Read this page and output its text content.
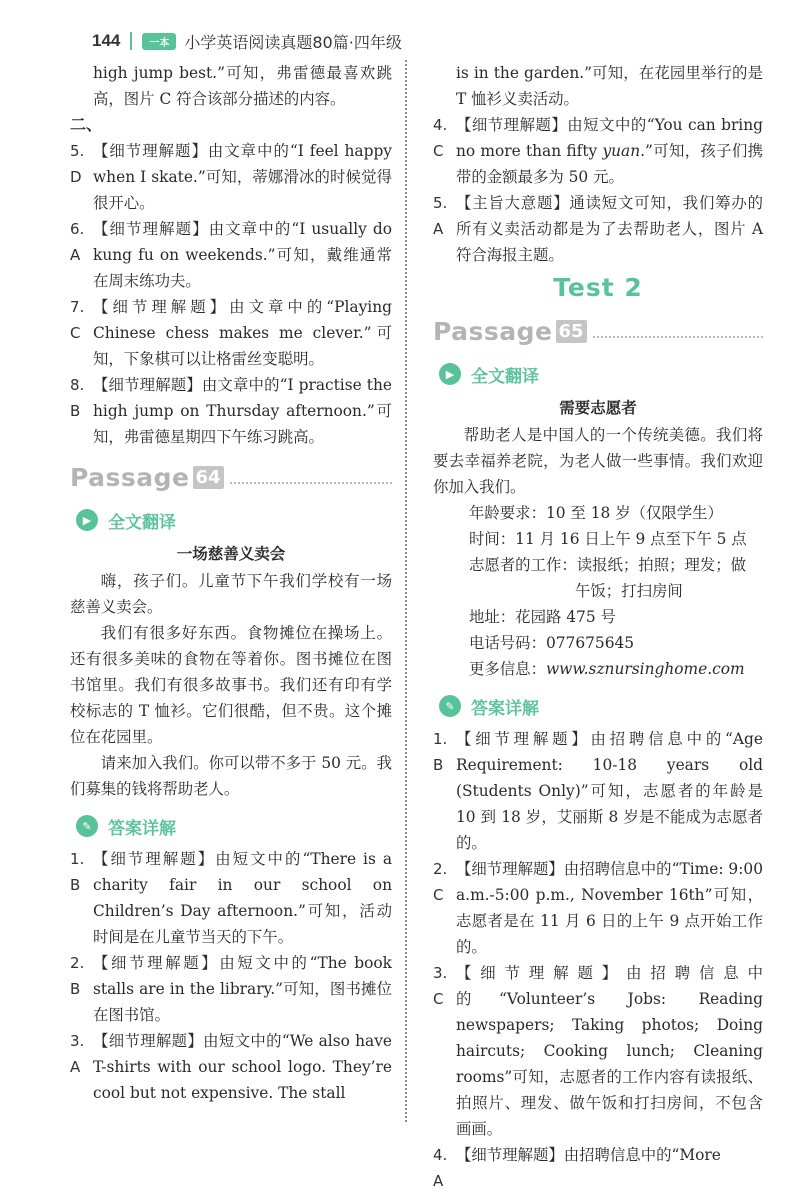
144	一本 小学英语阅读真题80篇·四年级

high jump best.”可知，弗雷德最喜欢跳高，图片 C 符合该部分描述的内容。

二、
5. D
【细节理解题】由文章中的“I feel happy when I skate.”可知，蒂娜滑冰的时候觉得很开心。
6. A
【细节理解题】由文章中的“I usually do kung fu on weekends.”可知，戴维通常在周末练功夫。
7. C
【细节理解题】由文章中的“Playing Chinese chess makes me clever.”可知，下象棋可以让格雷丝变聪明。
8. B
【细节理解题】由文章中的“I practise the high jump on Thursday afternoon.”可知，弗雷德星期四下午练习跳高。
Passage 64
▶ 全文翻译
一场慈善义卖会

嗨，孩子们。儿童节下午我们学校有一场慈善义卖会。

我们有很多好东西。食物摊位在操场上。还有很多美味的食物在等着你。图书摊位在图书馆里。我们有很多故事书。我们还有印有学校标志的 T 恤衫。它们很酷，但不贵。这个摊位在花园里。

请来加入我们。你可以带不多于 50 元。我们募集的钱将帮助老人。

✎ 答案详解
1. B
【细节理解题】由短文中的“There is a charity fair in our school on Children’s Day afternoon.”可知，活动时间是在儿童节当天的下午。
2. B
【细节理解题】由短文中的“The book stalls are in the library.”可知，图书摊位在图书馆。
3. A
【细节理解题】由短文中的“We also have T-shirts with our school logo. They’re cool but not expensive. The stall

is in the garden.”可知，在花园里举行的是 T 恤衫义卖活动。

4. C
【细节理解题】由短文中的“You can bring no more than fifty yuan.”可知，孩子们携带的金额最多为 50 元。
5. A
【主旨大意题】通读短文可知，我们筹办的所有义卖活动都是为了去帮助老人，图片 A 符合海报主题。
Test 2
Passage 65
▶ 全文翻译
需要志愿者

帮助老人是中国人的一个传统美德。我们将要去幸福养老院，为老人做一些事情。我们欢迎你加入我们。

年龄要求：10 至 18 岁（仅限学生）
时间：11 月 16 日上午 9 点至下午 5 点
志愿者的工作：读报纸；拍照；理发；做
午饭；打扫房间
地址：花园路 475 号
电话号码：077675645
更多信息：www.sznursinghome.com
✎ 答案详解
1. B
【细节理解题】由招聘信息中的“Age Requirement: 10-18 years old (Students Only)”可知，志愿者的年龄是 10 到 18 岁，艾丽斯 8 岁是不能成为志愿者的。
2. C
【细节理解题】由招聘信息中的“Time: 9:00 a.m.-5:00 p.m., November 16th”可知，志愿者是在 11 月 6 日的上午 9 点开始工作的。
3. C
【细节理解题】由招聘信息中的“Volunteer’s Jobs: Reading newspapers; Taking photos; Doing haircuts; Cooking lunch; Cleaning rooms”可知，志愿者的工作内容有读报纸、拍照片、理发、做午饭和打扫房间，不包含画画。
4. A
【细节理解题】由招聘信息中的“More
